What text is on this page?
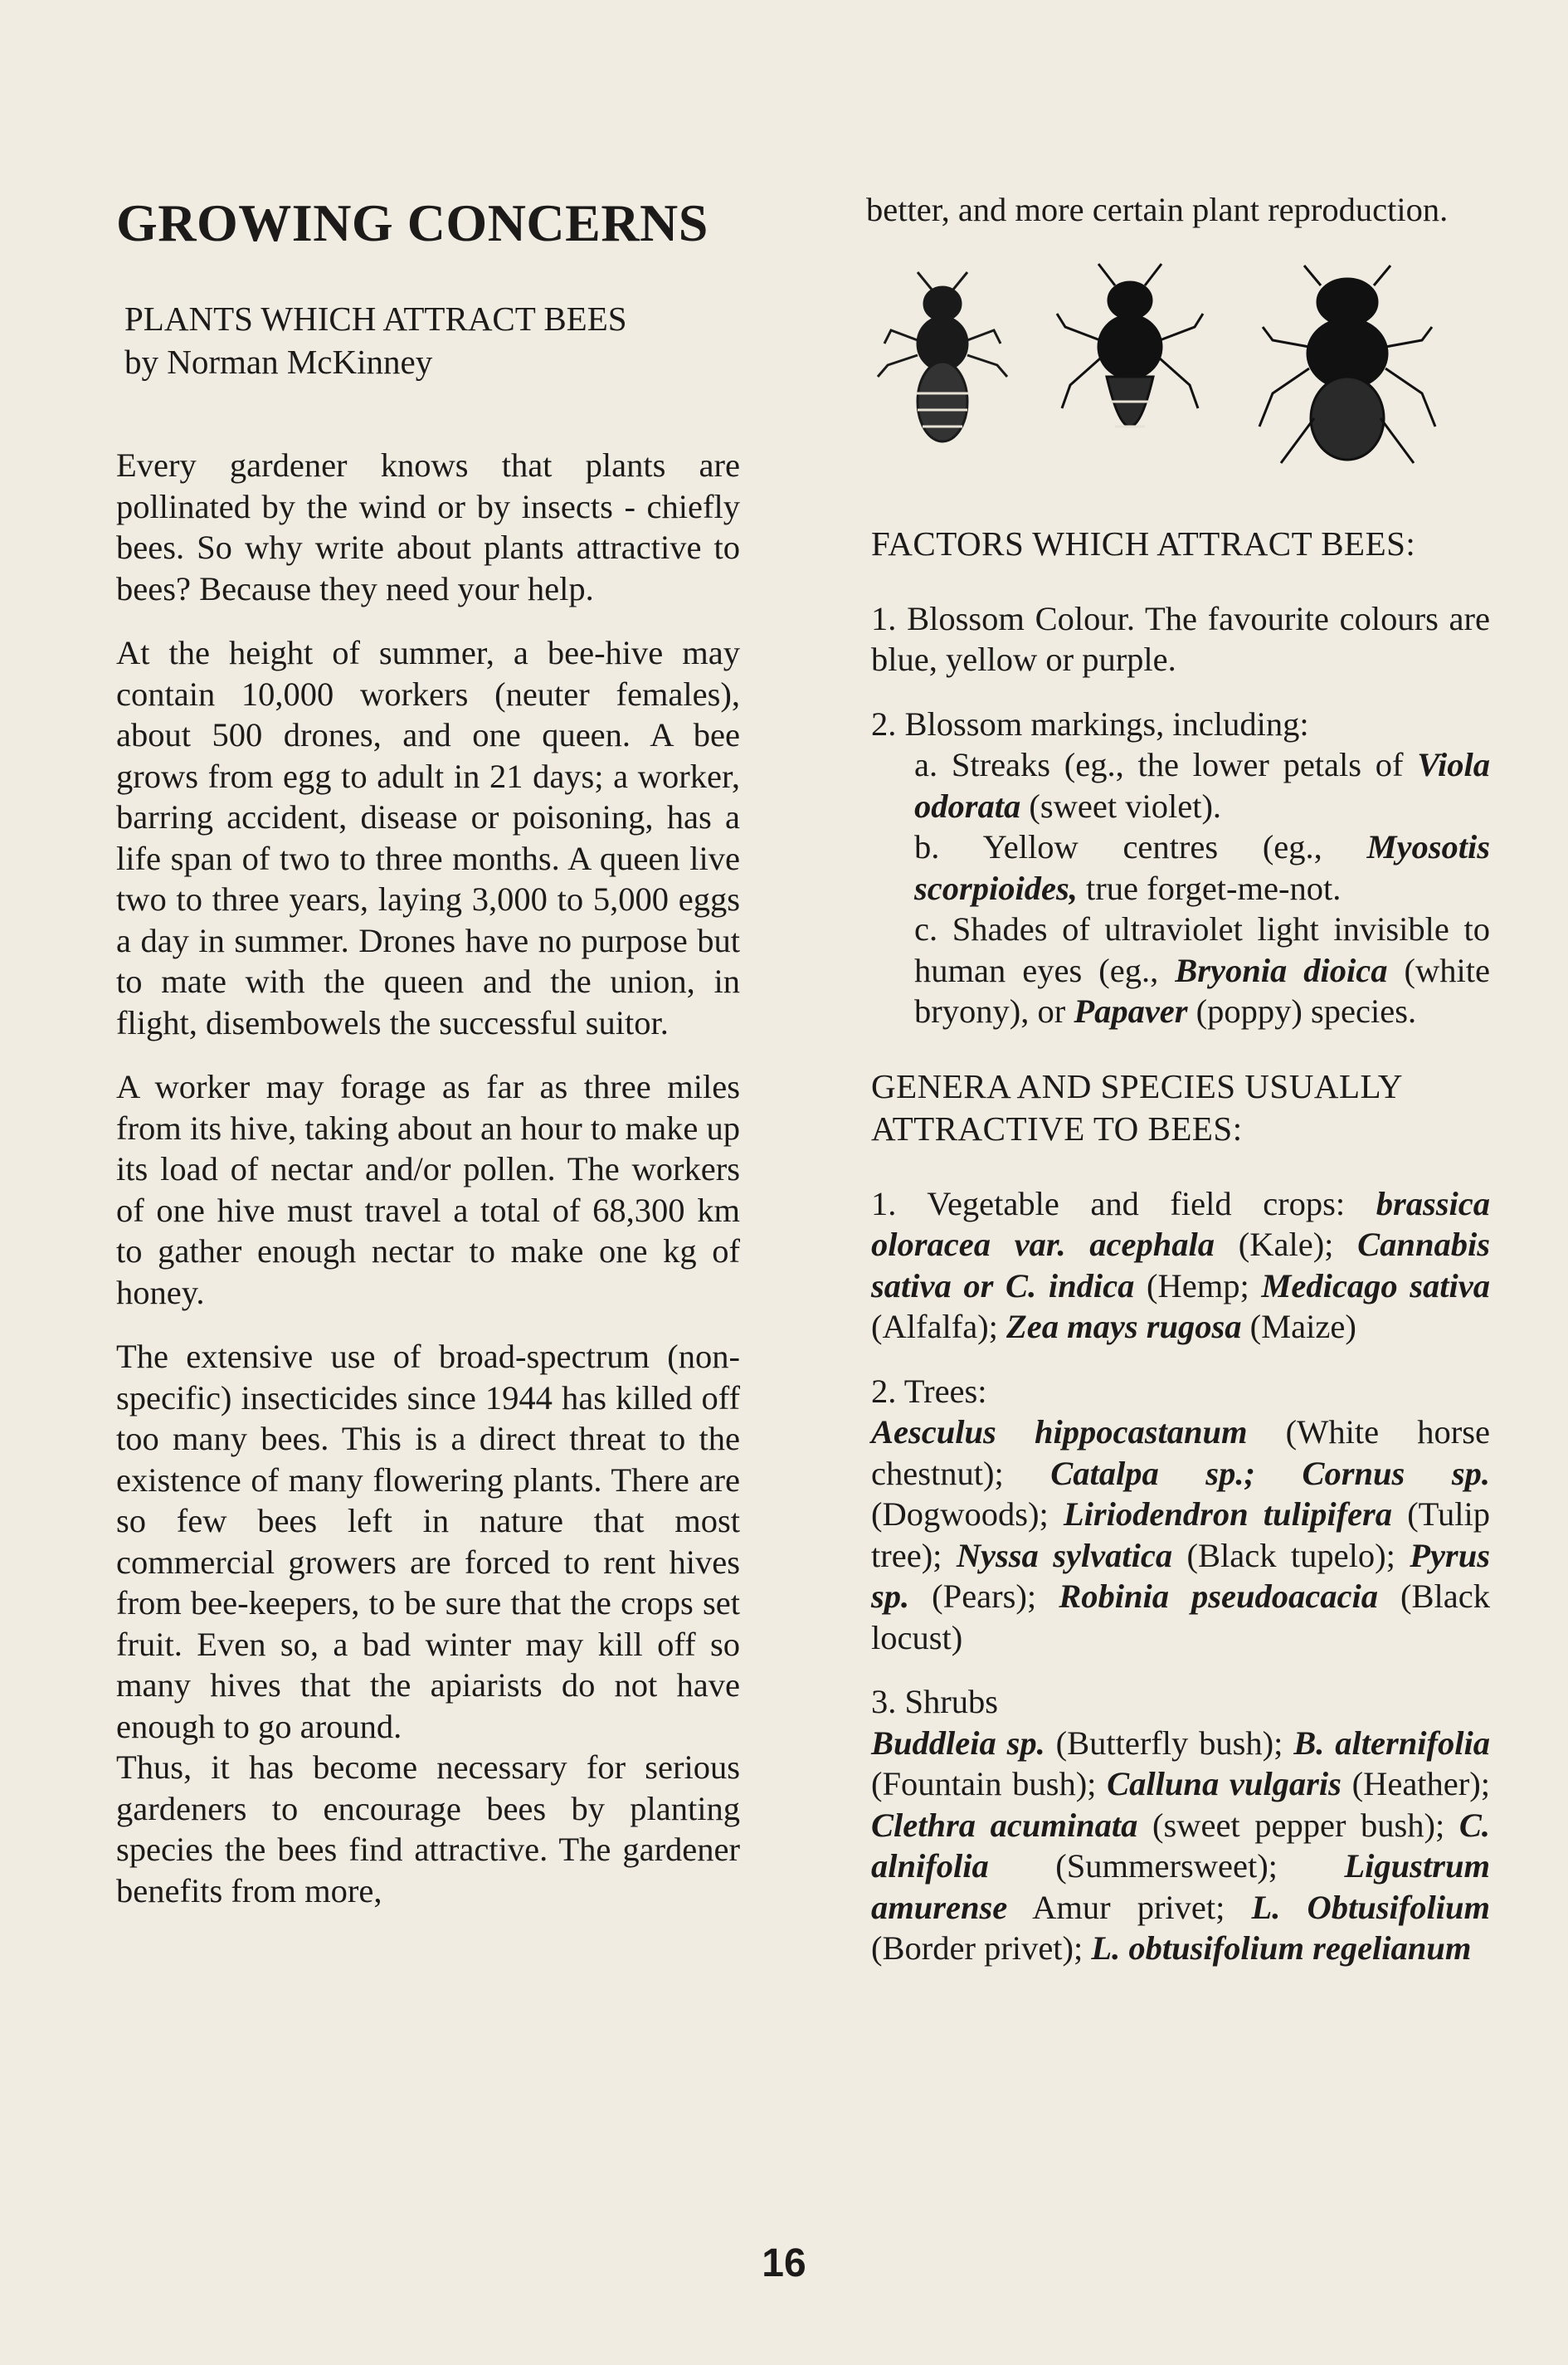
GROWING CONCERNS
PLANTS WHICH ATTRACT BEES
by Norman McKinney

Every gardener knows that plants are pollinated by the wind or by insects - chiefly bees. So why write about plants attractive to bees? Because they need your help.

At the height of summer, a bee-hive may contain 10,000 workers (neuter females), about 500 drones, and one queen. A bee grows from egg to adult in 21 days; a worker, barring accident, disease or poisoning, has a life span of two to three months. A queen live two to three years, laying 3,000 to 5,000 eggs a day in summer. Drones have no purpose but to mate with the queen and the union, in flight, disembowels the successful suitor.

A worker may forage as far as three miles from its hive, taking about an hour to make up its load of nectar and/or pollen. The workers of one hive must travel a total of 68,300 km to gather enough nectar to make one kg of honey.

The extensive use of broad-spectrum (non-specific) insecticides since 1944 has killed off too many bees. This is a direct threat to the existence of many flowering plants. There are so few bees left in nature that most commercial growers are forced to rent hives from bee-keepers, to be sure that the crops set fruit. Even so, a bad winter may kill off so many hives that the apiarists do not have enough to go around.

Thus, it has become necessary for serious gardeners to encourage bees by planting species the bees find attractive. The gardener benefits from more,

better, and more certain plant reproduction.

FACTORS WHICH ATTRACT BEES:
1. Blossom Colour. The favourite colours are blue, yellow or purple.
2. Blossom markings, including:
a. Streaks (eg., the lower petals of Viola odorata (sweet violet).
b. Yellow centres (eg., Myosotis scorpioides, true forget-me-not.
c. Shades of ultraviolet light invisible to human eyes (eg., Bryonia dioica (white bryony), or Papaver (poppy) species.
GENERA AND SPECIES USUALLY ATTRACTIVE TO BEES:
1. Vegetable and field crops: brassica oloracea var. acephala (Kale); Cannabis sativa or C. indica (Hemp; Medicago sativa (Alfalfa); Zea mays rugosa (Maize)
2. Trees:
Aesculus hippocastanum (White horse chestnut); Catalpa sp.; Cornus sp. (Dogwoods); Liriodendron tulipifera (Tulip tree); Nyssa sylvatica (Black tupelo); Pyrus sp. (Pears); Robinia pseudoacacia (Black locust)
3. Shrubs
Buddleia sp. (Butterfly bush); B. alternifolia (Fountain bush); Calluna vulgaris (Heather); Clethra acuminata (sweet pepper bush); C. alnifolia (Summersweet); Ligustrum amurense Amur privet; L. Obtusifolium (Border privet); L. obtusifolium regelianum
16
